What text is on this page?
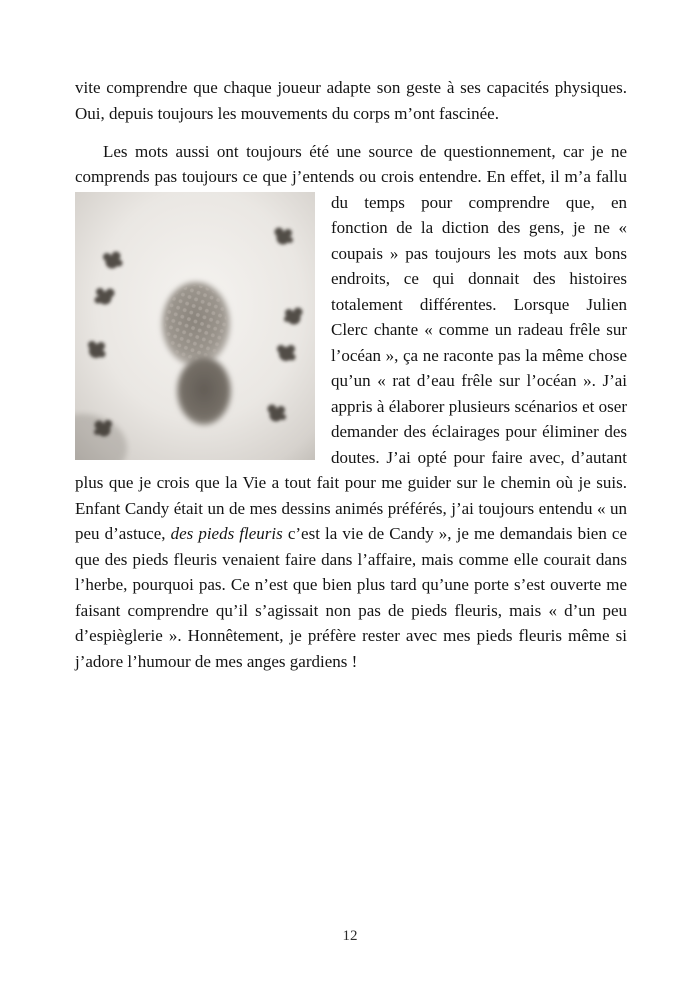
vite comprendre que chaque joueur adapte son geste à ses capacités physiques. Oui, depuis toujours les mouvements du corps m’ont fascinée.

Les mots aussi ont toujours été une source de questionnement, car je ne comprends pas toujours ce que j’entends ou crois entendre. En effet, il
m’a fallu du temps pour comprendre que, en fonction de la diction des gens, je ne « coupais » pas toujours les mots aux bons endroits, ce qui donnait des histoires totalement différentes. Lorsque Julien Clerc chante « comme un radeau frêle sur l’océan », ça ne raconte pas la même chose qu’un « rat d’eau frêle sur l’océan ». J’ai appris à élaborer plusieurs scénarios et oser demander des éclairages pour éliminer des doutes. J’ai opté pour faire avec, d’autant plus que je crois que la Vie a tout fait pour me guider sur le chemin où je suis. Enfant Candy était un de mes dessins animés préférés, j’ai toujours entendu « un peu d’astuce, des pieds fleuris c’est la vie de Candy », je me demandais bien ce que des pieds fleuris venaient faire dans l’affaire, mais comme elle courait dans l’herbe, pourquoi pas. Ce n’est que bien plus tard qu’une porte s’est ouverte me faisant comprendre qu’il s’agissait non pas de pieds fleuris, mais « d’un peu d’espièglerie ». Honnêtement, je préfère rester avec mes pieds fleuris même si j’adore l’humour de mes anges gardiens !

12
